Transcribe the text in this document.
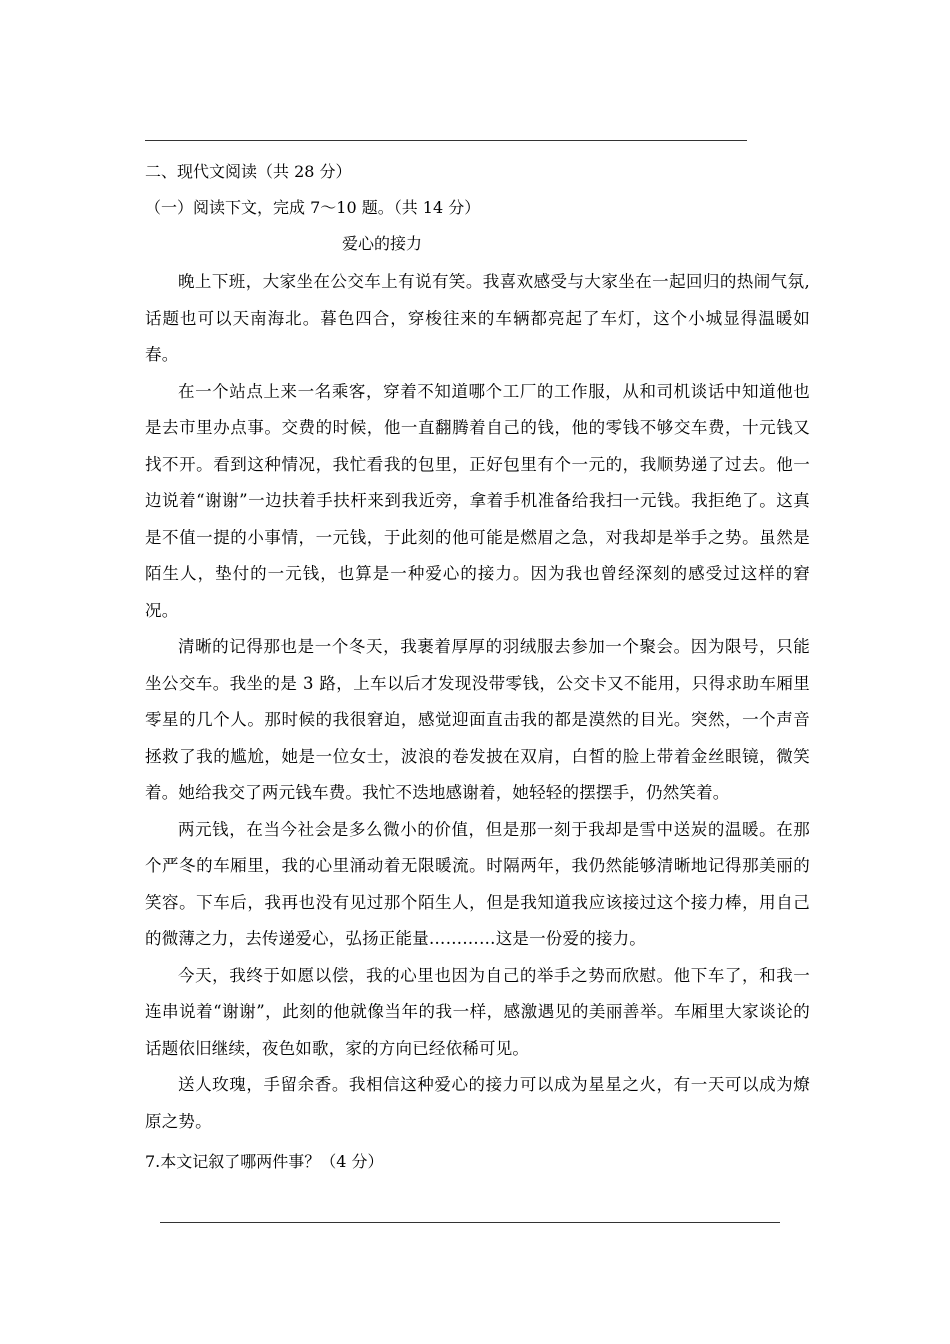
二、现代文阅读（共 28 分）
（一）阅读下文，完成 7～10 题。（共 14 分）
爱心的接力

晚上下班，大家坐在公交车上有说有笑。我喜欢感受与大家坐在一起回归的热闹气氛,话题也可以天南海北。暮色四合，穿梭往来的车辆都亮起了车灯，这个小城显得温暖如春。

在一个站点上来一名乘客，穿着不知道哪个工厂的工作服，从和司机谈话中知道他也是去市里办点事。交费的时候，他一直翻腾着自己的钱，他的零钱不够交车费，十元钱又找不开。看到这种情况，我忙看我的包里，正好包里有个一元的，我顺势递了过去。他一边说着“谢谢”一边扶着手扶杆来到我近旁，拿着手机准备给我扫一元钱。我拒绝了。这真是不值一提的小事情，一元钱，于此刻的他可能是燃眉之急，对我却是举手之势。虽然是陌生人，垫付的一元钱，也算是一种爱心的接力。因为我也曾经深刻的感受过这样的窘况。

清晰的记得那也是一个冬天，我裹着厚厚的羽绒服去参加一个聚会。因为限号，只能坐公交车。我坐的是 3 路，上车以后才发现没带零钱，公交卡又不能用，只得求助车厢里零星的几个人。那时候的我很窘迫，感觉迎面直击我的都是漠然的目光。突然，一个声音拯救了我的尴尬，她是一位女士，波浪的卷发披在双肩，白皙的脸上带着金丝眼镜，微笑着。她给我交了两元钱车费。我忙不迭地感谢着，她轻轻的摆摆手，仍然笑着。

两元钱，在当今社会是多么微小的价值，但是那一刻于我却是雪中送炭的温暖。在那个严冬的车厢里，我的心里涌动着无限暖流。时隔两年，我仍然能够清晰地记得那美丽的笑容。下车后，我再也没有见过那个陌生人，但是我知道我应该接过这个接力棒，用自己的微薄之力，去传递爱心，弘扬正能量…………这是一份爱的接力。

今天，我终于如愿以偿，我的心里也因为自己的举手之势而欣慰。他下车了，和我一连串说着“谢谢”，此刻的他就像当年的我一样，感激遇见的美丽善举。车厢里大家谈论的话题依旧继续，夜色如歌，家的方向已经依稀可见。

送人玫瑰，手留余香。我相信这种爱心的接力可以成为星星之火，有一天可以成为燎原之势。

7.本文记叙了哪两件事？（4 分）
